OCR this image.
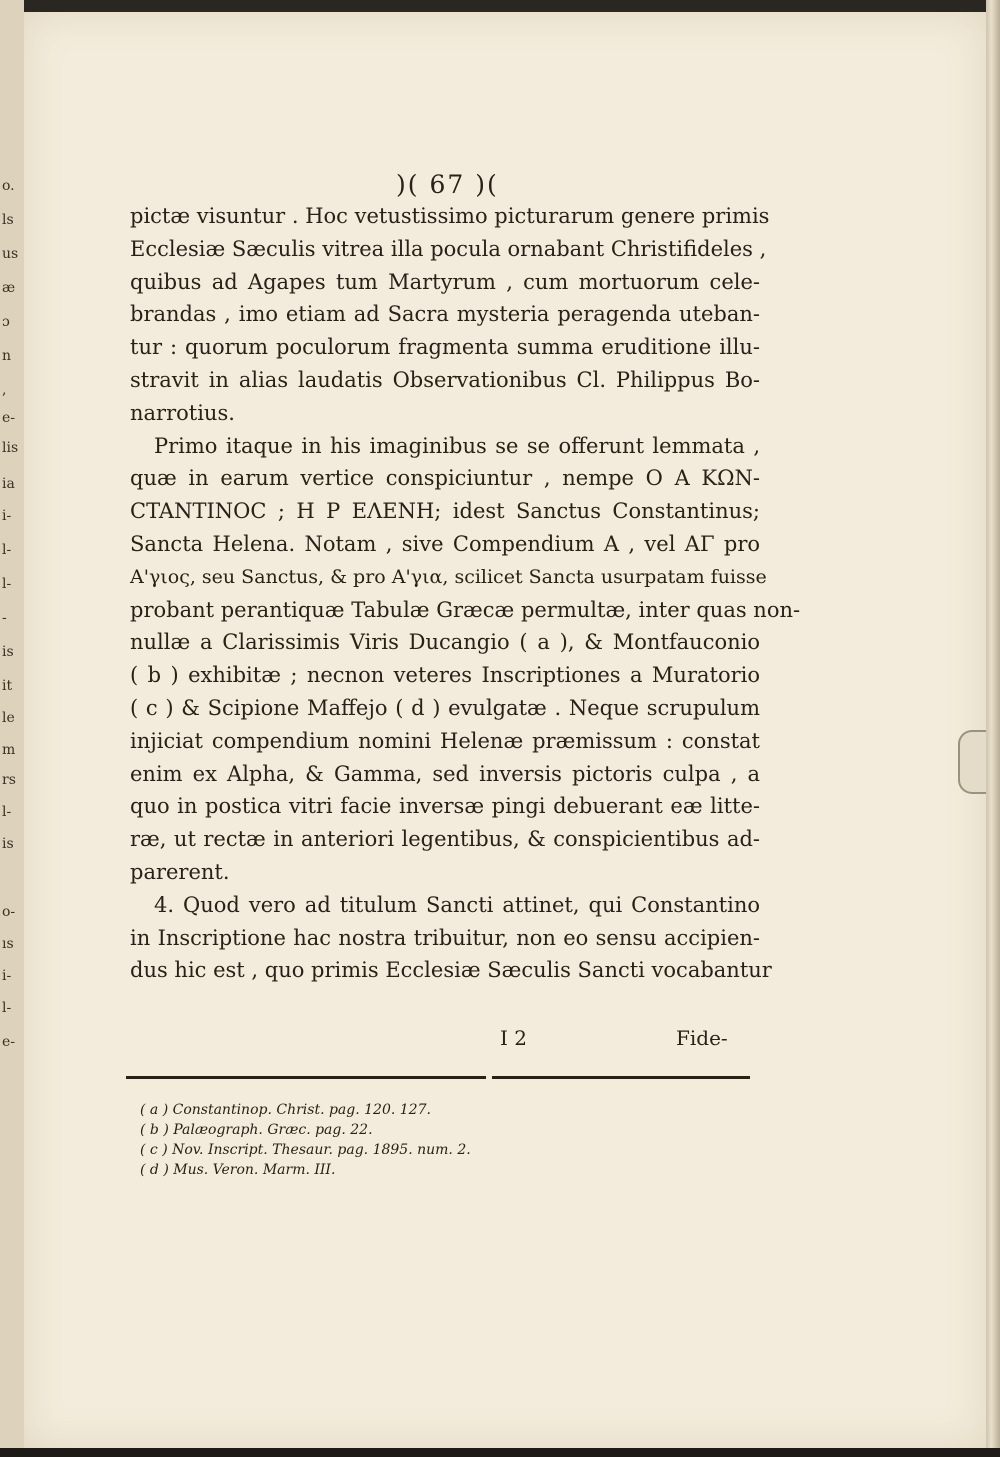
o.
ls
us
æ
ɔ
n
,
e-
lis
ia
i-
l-
l-
-
is
it
le
m
rs
l-
is
o-
ıs
i-
l-
e-
)( 67 )(
pictæ visuntur . Hoc vetustissimo picturarum genere primis
Ecclesiæ Sæculis vitrea illa pocula ornabant Christifideles ,
quibus ad Agapes tum Martyrum , cum mortuorum cele-
brandas , imo etiam ad Sacra mysteria peragenda uteban-
tur : quorum poculorum fragmenta summa eruditione illu-
stravit in alias laudatis Observationibus Cl. Philippus Bo-
narrotius.
Primo itaque in his imaginibus se se offerunt lemmata ,
quæ in earum vertice conspiciuntur , nempe O A KΩN-
CTANTINOC ; H P EΛENH; idest Sanctus Constantinus;
Sancta Helena. Notam , sive Compendium A , vel AΓ pro
Α'γιος, seu Sanctus, & pro Α'για, scilicet Sancta usurpatam fuisse
probant perantiquæ Tabulæ Græcæ permultæ, inter quas non-
nullæ a Clarissimis Viris Ducangio ( a ), & Montfauconio
( b ) exhibitæ ; necnon veteres Inscriptiones a Muratorio
( c ) & Scipione Maffejo ( d ) evulgatæ . Neque scrupulum
injiciat compendium nomini Helenæ præmissum : constat
enim ex Alpha, & Gamma, sed inversis pictoris culpa , a
quo in postica vitri facie inversæ pingi debuerant eæ litte-
ræ, ut rectæ in anteriori legentibus, & conspicientibus ad-
parerent.
4. Quod vero ad titulum Sancti attinet, qui Constantino
in Inscriptione hac nostra tribuitur, non eo sensu accipien-
dus hic est , quo primis Ecclesiæ Sæculis Sancti vocabantur
I 2	Fide-
( a ) Constantinop. Christ. pag. 120. 127.
( b ) Palæograph. Græc. pag. 22.
( c ) Nov. Inscript. Thesaur. pag. 1895. num. 2.
( d ) Mus. Veron. Marm. III.
